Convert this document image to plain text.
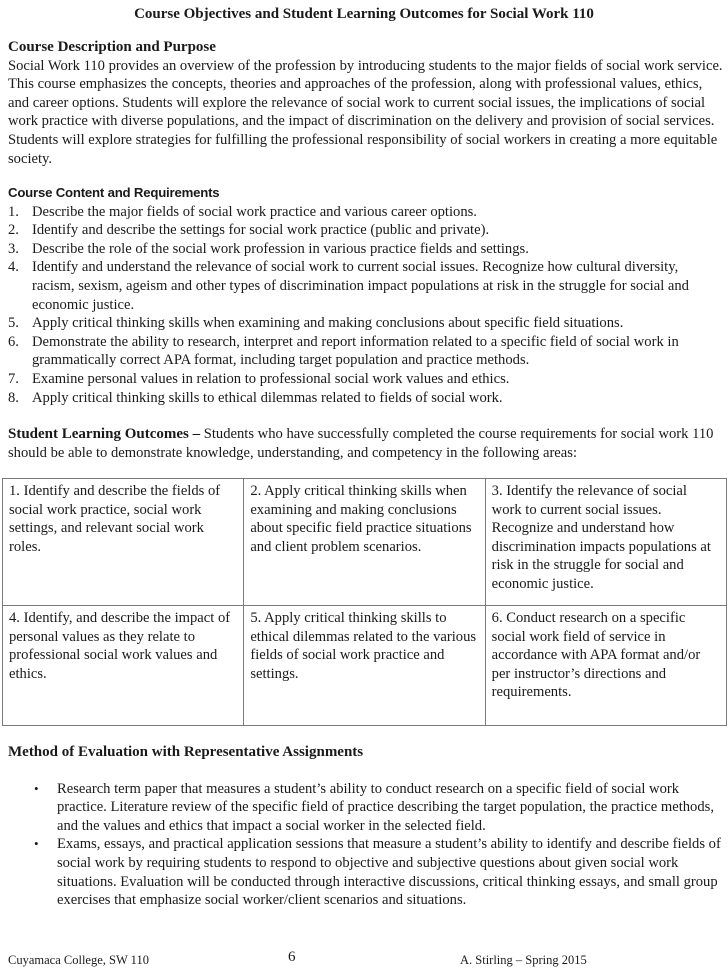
Course Objectives and Student Learning Outcomes for Social Work 110
Course Description and Purpose

Social Work 110 provides an overview of the profession by introducing students to the major fields of social work service. This course emphasizes the concepts, theories and approaches of the profession, along with professional values, ethics, and career options. Students will explore the relevance of social work to current social issues, the implications of social work practice with diverse populations, and the impact of discrimination on the delivery and provision of social services. Students will explore strategies for fulfilling the professional responsibility of social workers in creating a more equitable society.

Course Content and Requirements
1. Describe the major fields of social work practice and various career options.
2. Identify and describe the settings for social work practice (public and private).
3. Describe the role of the social work profession in various practice fields and settings.
4. Identify and understand the relevance of social work to current social issues. Recognize how cultural diversity, racism, sexism, ageism and other types of discrimination impact populations at risk in the struggle for social and economic justice.
5. Apply critical thinking skills when examining and making conclusions about specific field situations.
6. Demonstrate the ability to research, interpret and report information related to a specific field of social work in grammatically correct APA format, including target population and practice methods.
7. Examine personal values in relation to professional social work values and ethics.
8. Apply critical thinking skills to ethical dilemmas related to fields of social work.

Student Learning Outcomes – Students who have successfully completed the course requirements for social work 110 should be able to demonstrate knowledge, understanding, and competency in the following areas:

1. Identify and describe the fields of social work practice, social work settings, and relevant social work roles.	2. Apply critical thinking skills when examining and making conclusions about specific field practice situations and client problem scenarios.	3. Identify the relevance of social work to current social issues. Recognize and understand how discrimination impacts populations at risk in the struggle for social and economic justice.
4. Identify, and describe the impact of personal values as they relate to professional social work values and ethics.	5. Apply critical thinking skills to ethical dilemmas related to the various fields of social work practice and settings.	6. Conduct research on a specific social work field of service in accordance with APA format and/or per instructor’s directions and requirements.
Method of Evaluation with Representative Assignments
• Research term paper that measures a student’s ability to conduct research on a specific field of social work practice. Literature review of the specific field of practice describing the target population, the practice methods, and the values and ethics that impact a social worker in the selected field.
• Exams, essays, and practical application sessions that measure a student’s ability to identify and describe fields of social work by requiring students to respond to objective and subjective questions about given social work situations. Evaluation will be conducted through interactive discussions, critical thinking essays, and small group exercises that emphasize social worker/client scenarios and situations.
Cuyamaca College, SW 110	6	A. Stirling – Spring 2015
